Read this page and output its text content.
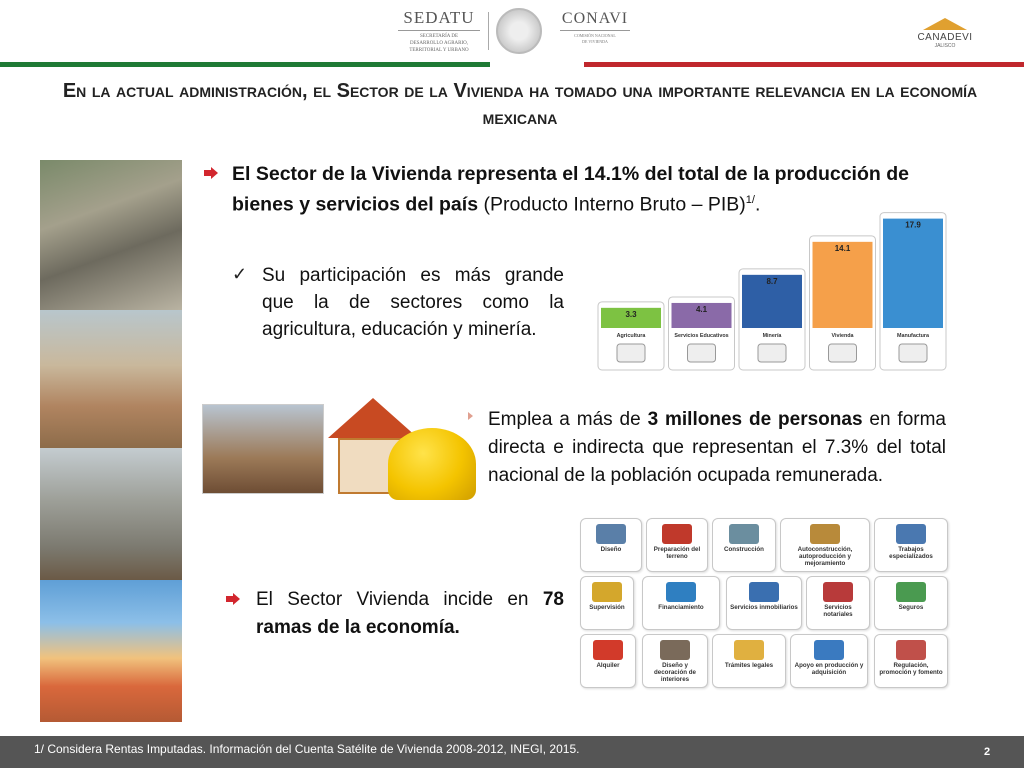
SEDATU
SECRETARÍA DE
DESARROLLO AGRARIO,
TERRITORIAL Y URBANO
CONAVI
COMISIÓN NACIONAL
DE VIVIENDA	CANADEVI
JALISCO
En la actual administración, el Sector de la Vivienda ha tomado una importante relevancia en la economía mexicana
El Sector de la Vivienda representa el 14.1% del total de la producción de bienes y servicios del país (Producto Interno Bruto – PIB)$^{1/}$.
✓ Su participación es más grande que la de sectores como la agricultura, educación y minería.
3.3
Agricultura
4.1
Servicios Educativos
8.7
Minería
14.1
Vivienda
17.9
Manufactura
Emplea a más de 3 millones de personas en forma directa e indirecta que representan el 7.3% del total nacional de la población ocupada remunerada.
El Sector Vivienda incide en 78 ramas de la economía.
Diseño	Preparación del terreno
Construcción	Autoconstrucción, autoproducción y mejoramiento
Trabajos especializados
Supervisión	Financiamiento	Servicios inmobiliarios	Servicios notariales
Seguros
Alquiler	Diseño y decoración de interiores
Trámites legales	Apoyo en producción y adquisición
Regulación, promoción y fomento
1/ Considera Rentas Imputadas. Información del Cuenta Satélite de Vivienda 2008-2012, INEGI, 2015.	2
